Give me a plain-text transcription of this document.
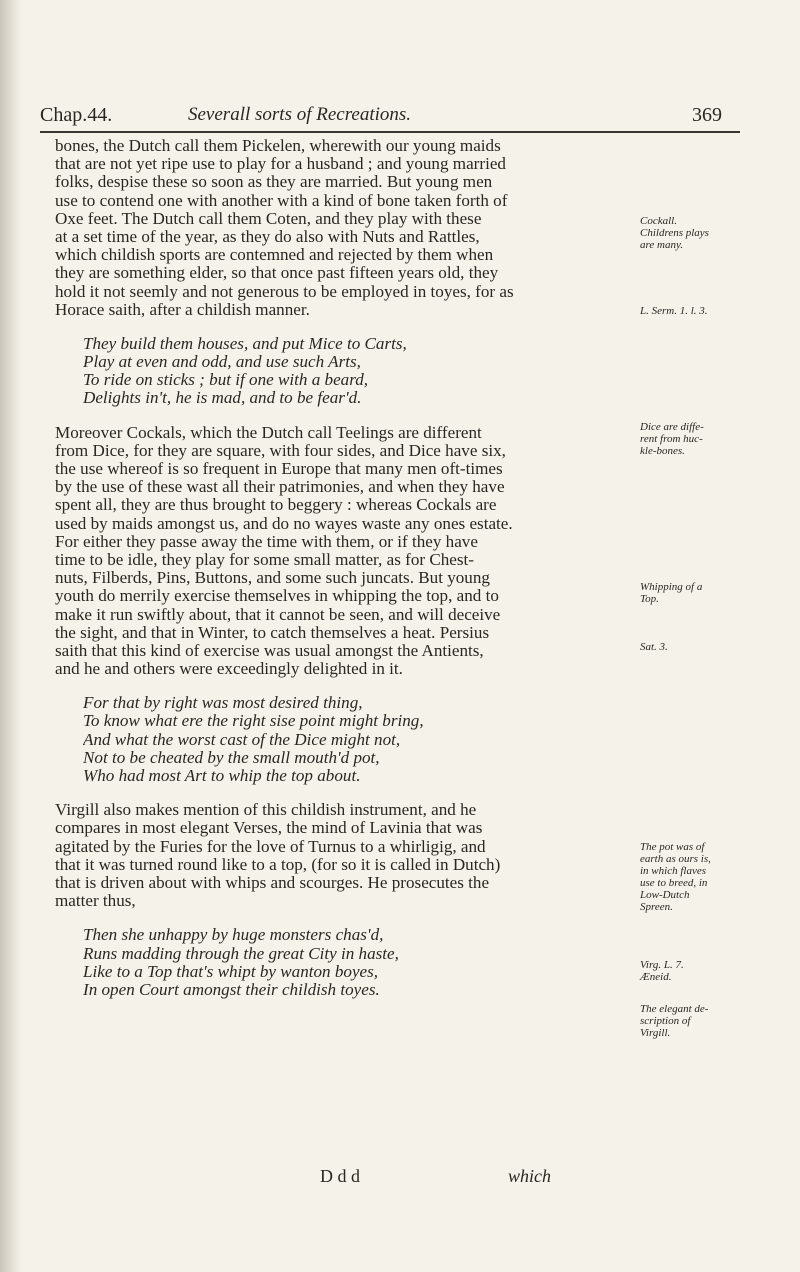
Chap.44.	Severall sorts of Recreations.	369
bones, the Dutch call them Pickelen, wherewith our young maids
that are not yet ripe use to play for a husband ; and young married
folks, despise these so soon as they are married. But young men
use to contend one with another with a kind of bone taken forth of
Oxe feet. The Dutch call them Coten, and they play with these
at a set time of the year, as they do also with Nuts and Rattles,
which childish sports are contemned and rejected by them when
they are something elder, so that once past fifteen years old, they
hold it not seemly and not generous to be employed in toyes, for as
Horace saith, after a childish manner.
They build them houses, and put Mice to Carts,
Play at even and odd, and use such Arts,
To ride on sticks ; but if one with a beard,
Delights in't, he is mad, and to be fear'd.
Moreover Cockals, which the Dutch call Teelings are different
from Dice, for they are square, with four sides, and Dice have six,
the use whereof is so frequent in Europe that many men oft-times
by the use of these wast all their patrimonies, and when they have
spent all, they are thus brought to beggery : whereas Cockals are
used by maids amongst us, and do no wayes waste any ones estate.
For either they passe away the time with them, or if they have
time to be idle, they play for some small matter, as for Chest-
nuts, Filberds, Pins, Buttons, and some such juncats. But young
youth do merrily exercise themselves in whipping the top, and to
make it run swiftly about, that it cannot be seen, and will deceive
the sight, and that in Winter, to catch themselves a heat. Persius
saith that this kind of exercise was usual amongst the Antients,
and he and others were exceedingly delighted in it.
For that by right was most desired thing,
To know what ere the right sise point might bring,
And what the worst cast of the Dice might not,
Not to be cheated by the small mouth'd pot,
Who had most Art to whip the top about.
Virgill also makes mention of this childish instrument, and he
compares in most elegant Verses, the mind of Lavinia that was
agitated by the Furies for the love of Turnus to a whirligig, and
that it was turned round like to a top, (for so it is called in Dutch)
that is driven about with whips and scourges. He prosecutes the
matter thus,
Then she unhappy by huge monsters chas'd,
Runs madding through the great City in haste,
Like to a Top that's whipt by wanton boyes,
In open Court amongst their childish toyes.
Cockall.
Childrens plays
are many.
L. Serm. 1. l. 3.
Dice are diffe-
rent from huc-
kle-bones.
Whipping of a
Top.
Sat. 3.
The pot was of
earth as ours is,
in which flaves
use to breed, in
Low-Dutch
Spreen.
Virg. L. 7.
Æneid.
The elegant de-
scription of
Virgill.
D d d	which
